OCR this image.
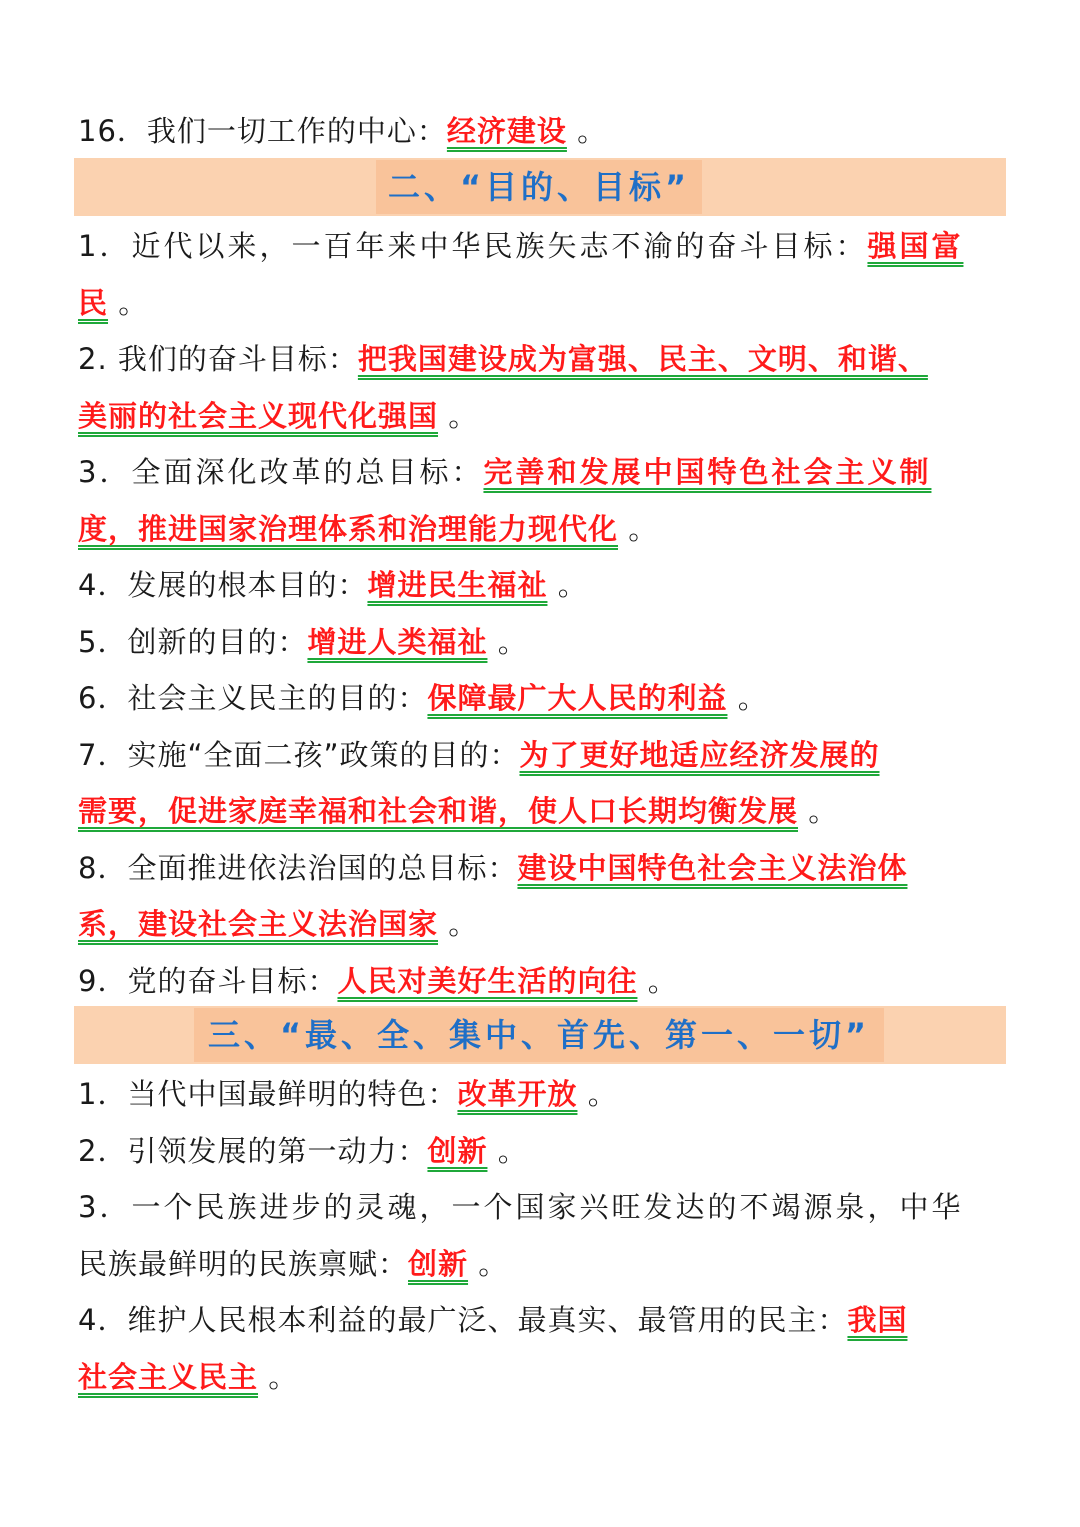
16．我们一切工作的中心：经济建设 。
二、“目的、目标”
1．近代以来，一百年来中华民族矢志不渝的奋斗目标：强国富
民 。
2. 我们的奋斗目标：把我国建设成为富强、民主、文明、和谐、
美丽的社会主义现代化强国 。
3．全面深化改革的总目标：完善和发展中国特色社会主义制
度，推进国家治理体系和治理能力现代化 。
4．发展的根本目的：增进民生福祉 。
5．创新的目的：增进人类福祉 。
6．社会主义民主的目的：保障最广大人民的利益 。
7．实施“全面二孩”政策的目的：为了更好地适应经济发展的
需要，促进家庭幸福和社会和谐，使人口长期均衡发展 。
8．全面推进依法治国的总目标：建设中国特色社会主义法治体
系，建设社会主义法治国家 。
9．党的奋斗目标：人民对美好生活的向往 。
三、“最、全、集中、首先、第一、一切”
1．当代中国最鲜明的特色：改革开放 。
2．引领发展的第一动力：创新 。
3．一个民族进步的灵魂，一个国家兴旺发达的不竭源泉，中华
民族最鲜明的民族禀赋：创新 。
4．维护人民根本利益的最广泛、最真实、最管用的民主：我国
社会主义民主 。
